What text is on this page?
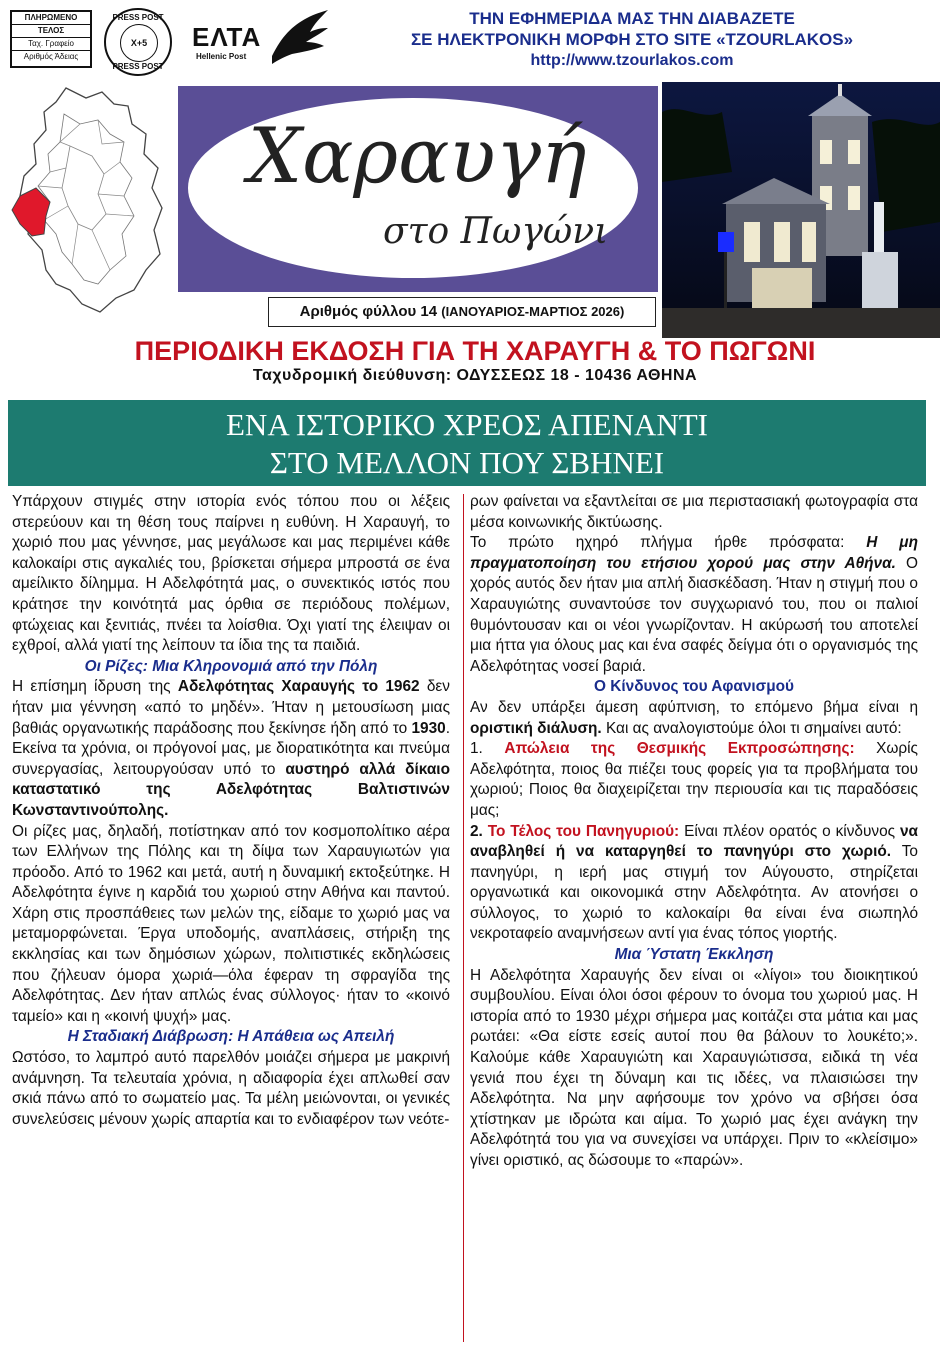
ΠΛΗΡΩΜΕΝΟ
ΤΕΛΟΣ
Ταχ. Γραφείο
Αριθμός Άδειας
PRESS POST
X+5
PRESS POST
ΕΛΤΑ
Hellenic Post
ΤΗΝ ΕΦΗΜΕΡΙΔΑ ΜΑΣ ΤΗΝ ΔΙΑΒΑΖΕΤΕ
ΣΕ ΗΛΕΚΤΡΟΝΙΚΗ ΜΟΡΦΗ ΣΤΟ SITE «TZOURLAKOS»
http://www.tzourlakos.com
Χαραυγή
στο Πωγώνι
Αριθμός φύλλου 14 (ΙΑΝΟΥΑΡΙΟΣ-ΜΑΡΤΙΟΣ 2026)
ΠΕΡΙΟΔΙΚΗ ΕΚΔΟΣΗ ΓΙΑ ΤΗ ΧΑΡΑΥΓΗ & ΤΟ ΠΩΓΩΝΙ
Ταχυδρομική διεύθυνση: ΟΔΥΣΣΕΩΣ 18 - 10436 ΑΘΗΝΑ
ΕΝΑ ΙΣΤΟΡΙΚΟ ΧΡΕΟΣ ΑΠΕΝΑΝΤΙ
ΣΤΟ ΜΕΛΛΟΝ ΠΟΥ ΣΒΗΝΕΙ

Υπάρχουν στιγμές στην ιστορία ενός τόπου που οι λέξεις στερεύουν και τη θέση τους παίρνει η ευθύνη. Η Χαραυγή, το χωριό που μας γέννησε, μας μεγάλωσε και μας περιμένει κάθε καλοκαίρι στις αγκαλιές του, βρίσκεται σήμερα μπροστά σε ένα αμείλικτο δίλημμα. Η Αδελφότητά μας, ο συνεκτικός ιστός που κράτησε την κοινότητά μας όρθια σε περιόδους πολέμων, φτώχειας και ξενιτιάς, πνέει τα λοίσθια. Όχι γιατί της έλειψαν οι εχθροί, αλλά γιατί της λείπουν τα ίδια της τα παιδιά.

Οι Ρίζες: Μια Κληρονομιά από την Πόλη

Η επίσημη ίδρυση της Αδελφότητας Χαραυγής το 1962 δεν ήταν μια γέννηση «από το μηδέν». Ήταν η μετουσίωση μιας βαθιάς οργανωτικής παράδοσης που ξεκίνησε ήδη από το 1930. Εκείνα τα χρόνια, οι πρόγονοί μας, με διορατικότητα και πνεύμα συνεργασίας, λειτουργούσαν υπό το αυστηρό αλλά δίκαιο καταστατικό της Αδελφότητας Βαλτιστινών Κωνσταντινούπολης.

Οι ρίζες μας, δηλαδή, ποτίστηκαν από τον κοσμοπολίτικο αέρα των Ελλήνων της Πόλης και τη δίψα των Χαραυγιωτών για πρόοδο. Από το 1962 και μετά, αυτή η δυναμική εκτοξεύτηκε. Η Αδελφότητα έγινε η καρδιά του χωριού στην Αθήνα και παντού. Χάρη στις προσπάθειες των μελών της, είδαμε το χωριό μας να μεταμορφώνεται. Έργα υποδομής, αναπλάσεις, στήριξη της εκκλησίας και των δημόσιων χώρων, πολιτιστικές εκδηλώσεις που ζήλευαν όμορα χωριά—όλα έφεραν τη σφραγίδα της Αδελφότητας. Δεν ήταν απλώς ένας σύλλογος· ήταν το «κοινό ταμείο» και η «κοινή ψυχή» μας.

Η Σταδιακή Διάβρωση: Η Απάθεια ως Απειλή

Ωστόσο, το λαμπρό αυτό παρελθόν μοιάζει σήμερα με μακρινή ανάμνηση. Τα τελευταία χρόνια, η αδιαφορία έχει απλωθεί σαν σκιά πάνω από το σωματείο μας. Τα μέλη μειώνονται, οι γενικές συνελεύσεις μένουν χωρίς απαρτία και το ενδιαφέρον των νεότε-

ρων φαίνεται να εξαντλείται σε μια περιστασιακή φωτογραφία στα μέσα κοινωνικής δικτύωσης.

Το πρώτο ηχηρό πλήγμα ήρθε πρόσφατα: Η μη πραγματοποίηση του ετήσιου χορού μας στην Αθήνα. Ο χορός αυτός δεν ήταν μια απλή διασκέδαση. Ήταν η στιγμή που ο Χαραυγιώτης συναντούσε τον συγχωριανό του, που οι παλιοί θυμόντουσαν και οι νέοι γνωρίζονταν. Η ακύρωσή του αποτελεί μια ήττα για όλους μας και ένα σαφές δείγμα ότι ο οργανισμός της Αδελφότητας νοσεί βαριά.

Ο Κίνδυνος του Αφανισμού

Αν δεν υπάρξει άμεση αφύπνιση, το επόμενο βήμα είναι η οριστική διάλυση. Και ας αναλογιστούμε όλοι τι σημαίνει αυτό:

1. Απώλεια της Θεσμικής Εκπροσώπησης: Χωρίς Αδελφότητα, ποιος θα πιέζει τους φορείς για τα προβλήματα του χωριού; Ποιος θα διαχειρίζεται την περιουσία και τις παραδόσεις μας;

2. Το Τέλος του Πανηγυριού: Είναι πλέον ορατός ο κίνδυνος να αναβληθεί ή να καταργηθεί το πανηγύρι στο χωριό. Το πανηγύρι, η ιερή μας στιγμή τον Αύγουστο, στηρίζεται οργανωτικά και οικονομικά στην Αδελφότητα. Αν ατονήσει ο σύλλογος, το χωριό το καλοκαίρι θα είναι ένα σιωπηλό νεκροταφείο αναμνήσεων αντί για ένας τόπος γιορτής.

Μια Ύστατη Έκκληση

Η Αδελφότητα Χαραυγής δεν είναι οι «λίγοι» του διοικητικού συμβουλίου. Είναι όλοι όσοι φέρουν το όνομα του χωριού μας. Η ιστορία από το 1930 μέχρι σήμερα μας κοιτάζει στα μάτια και μας ρωτάει: «Θα είστε εσείς αυτοί που θα βάλουν το λουκέτο;». Καλούμε κάθε Χαραυγιώτη και Χαραυγιώτισσα, ειδικά τη νέα γενιά που έχει τη δύναμη και τις ιδέες, να πλαισιώσει την Αδελφότητα. Να μην αφήσουμε τον χρόνο να σβήσει όσα χτίστηκαν με ιδρώτα και αίμα. Το χωριό μας έχει ανάγκη την Αδελφότητά του για να συνεχίσει να υπάρχει. Πριν το «κλείσιμο» γίνει οριστικό, ας δώσουμε το «παρών».
